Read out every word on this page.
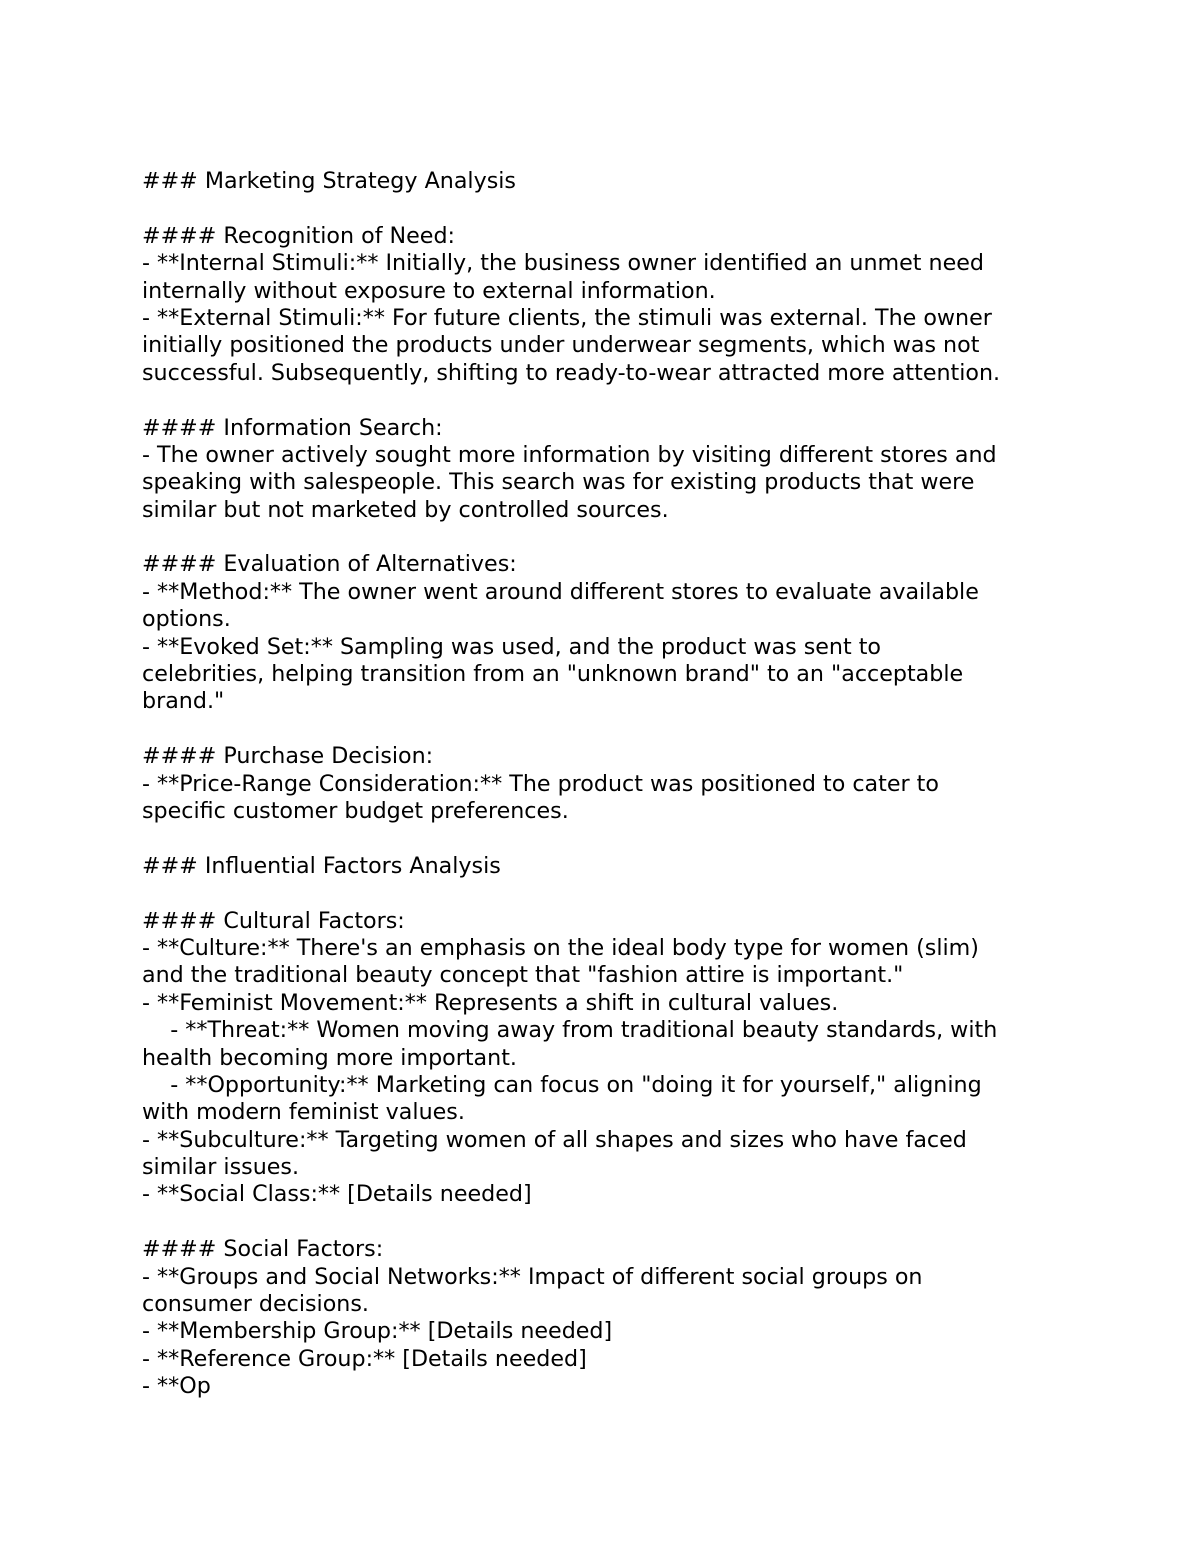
### Marketing Strategy Analysis
#### Recognition of Need:
- **Internal Stimuli:** Initially, the business owner identified an unmet need
internally without exposure to external information.
- **External Stimuli:** For future clients, the stimuli was external. The owner
initially positioned the products under underwear segments, which was not
successful. Subsequently, shifting to ready-to-wear attracted more attention.
#### Information Search:
- The owner actively sought more information by visiting different stores and
speaking with salespeople. This search was for existing products that were
similar but not marketed by controlled sources.
#### Evaluation of Alternatives:
- **Method:** The owner went around different stores to evaluate available
options.
- **Evoked Set:** Sampling was used, and the product was sent to
celebrities, helping transition from an "unknown brand" to an "acceptable
brand."
#### Purchase Decision:
- **Price-Range Consideration:** The product was positioned to cater to
specific customer budget preferences.
### Influential Factors Analysis
#### Cultural Factors:
- **Culture:** There's an emphasis on the ideal body type for women (slim)
and the traditional beauty concept that "fashion attire is important."
- **Feminist Movement:** Represents a shift in cultural values.
- **Threat:** Women moving away from traditional beauty standards, with
health becoming more important.
- **Opportunity:** Marketing can focus on "doing it for yourself," aligning
with modern feminist values.
- **Subculture:** Targeting women of all shapes and sizes who have faced
similar issues.
- **Social Class:** [Details needed]
#### Social Factors:
- **Groups and Social Networks:** Impact of different social groups on
consumer decisions.
- **Membership Group:** [Details needed]
- **Reference Group:** [Details needed]
- **Op
